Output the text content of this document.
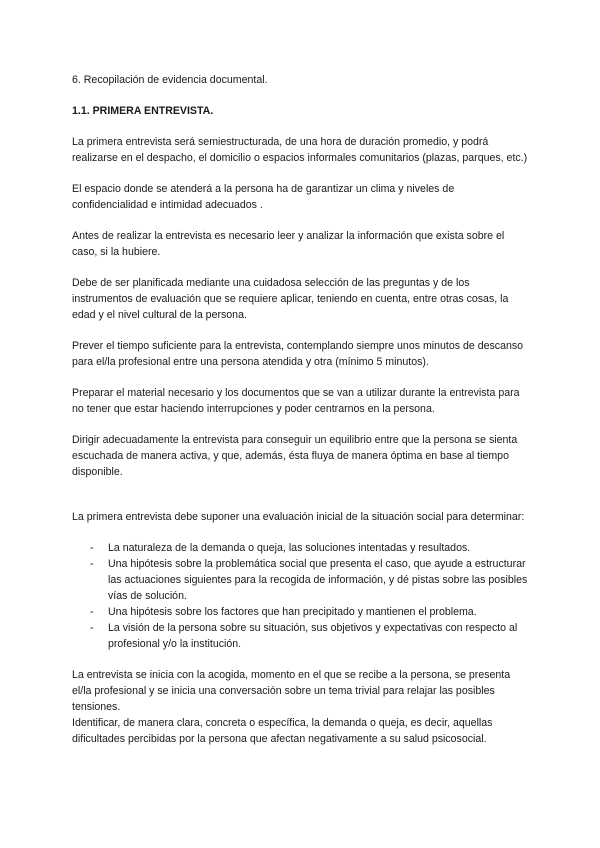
6. Recopilación de evidencia documental.

1.1. PRIMERA ENTREVISTA.

La primera entrevista será semiestructurada, de una hora de duración promedio, y podrá realizarse en el despacho, el domicilio o espacios informales comunitarios (plazas, parques, etc.)

El espacio donde se atenderá a la persona ha de garantizar un clima y niveles de confidencialidad e intimidad adecuados .

Antes de realizar la entrevista es necesario leer y analizar la información que exista sobre el caso, si la hubiere.

Debe de ser planificada mediante una cuidadosa selección de las preguntas y de los instrumentos de evaluación que se requiere aplicar, teniendo en cuenta, entre otras cosas, la edad y el nivel cultural de la persona.

Prever el tiempo suficiente para la entrevista, contemplando siempre unos minutos de descanso para el/la profesional entre una persona atendida y otra (mínimo 5 minutos).

Preparar el material necesario y los documentos que se van a utilizar durante la entrevista para no tener que estar haciendo interrupciones y poder centrarnos en la persona.

Dirigir adecuadamente la entrevista para conseguir un equilibrio entre que la persona se sienta escuchada de manera activa, y que, además, ésta fluya de manera óptima en base al tiempo disponible.

La primera entrevista debe suponer una evaluación inicial de la situación social para determinar:

- La naturaleza de la demanda o queja, las soluciones intentadas y resultados.
- Una hipótesis sobre la problemática social que presenta el caso, que ayude a estructurar las actuaciones siguientes para la recogida de información, y dé pistas sobre las posibles vías de solución.
- Una hipótesis sobre los factores que han precipitado y mantienen el problema.
- La visión de la persona sobre su situación, sus objetivos y expectativas con respecto al profesional y/o la institución.

La entrevista se inicia con la acogida, momento en el que se recibe a la persona, se presenta el/la profesional y se inicia una conversación sobre un tema trivial para relajar las posibles tensiones.

Identificar, de manera clara, concreta o específica, la demanda o queja, es decir, aquellas dificultades percibidas por la persona que afectan negativamente a su salud psicosocial.
